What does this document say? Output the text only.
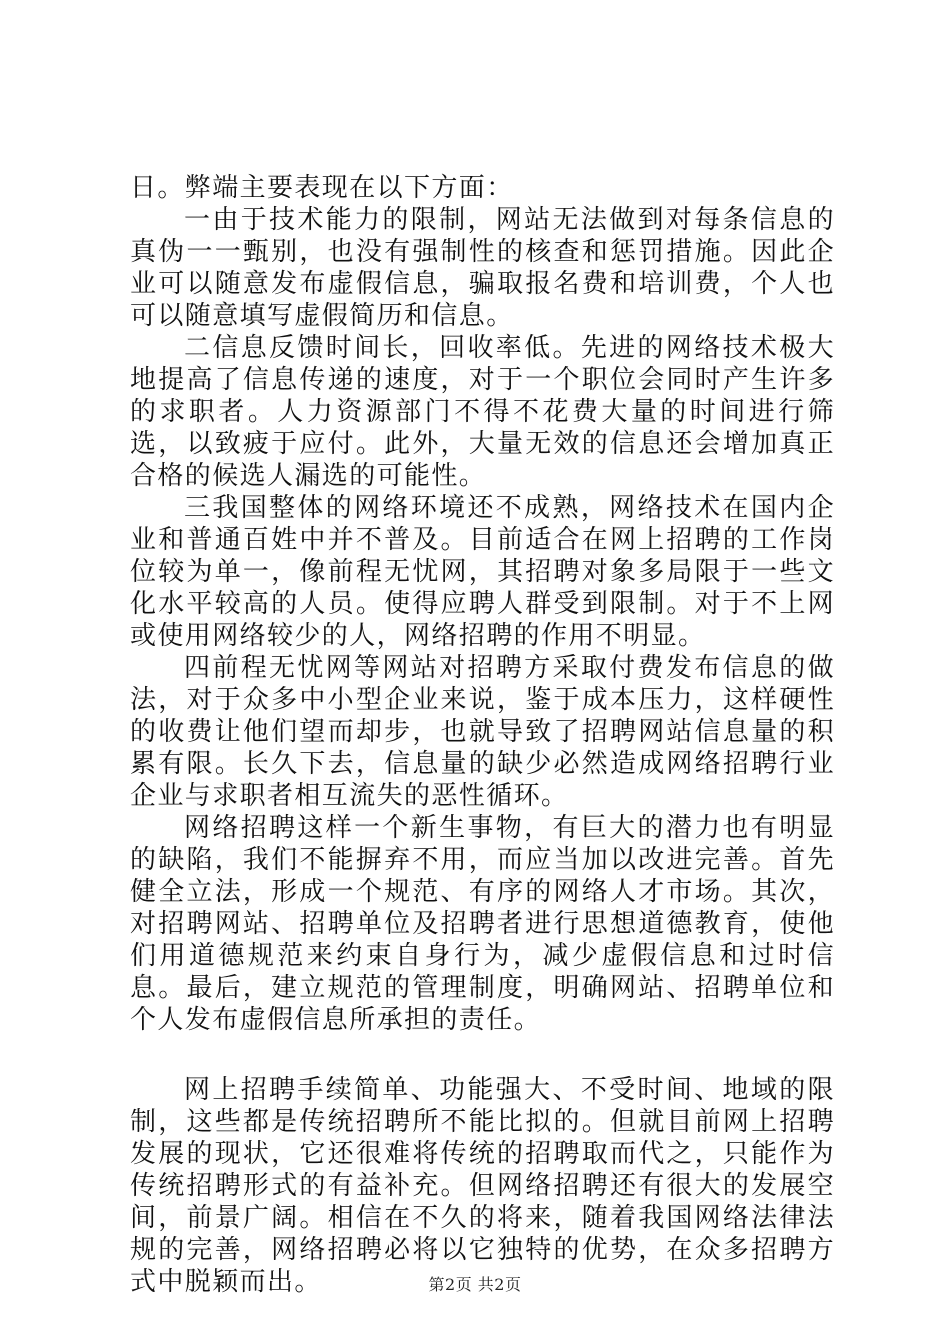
日。弊端主要表现在以下方面：

一由于技术能力的限制，网站无法做到对每条信息的真伪一一甄别，也没有强制性的核查和惩罚措施。因此企业可以随意发布虚假信息，骗取报名费和培训费，个人也可以随意填写虚假简历和信息。

二信息反馈时间长，回收率低。先进的网络技术极大地提高了信息传递的速度，对于一个职位会同时产生许多的求职者。人力资源部门不得不花费大量的时间进行筛选，以致疲于应付。此外，大量无效的信息还会增加真正合格的候选人漏选的可能性。

三我国整体的网络环境还不成熟，网络技术在国内企业和普通百姓中并不普及。目前适合在网上招聘的工作岗位较为单一，像前程无忧网，其招聘对象多局限于一些文化水平较高的人员。使得应聘人群受到限制。对于不上网或使用网络较少的人，网络招聘的作用不明显。

四前程无忧网等网站对招聘方采取付费发布信息的做法，对于众多中小型企业来说，鉴于成本压力，这样硬性的收费让他们望而却步，也就导致了招聘网站信息量的积累有限。长久下去，信息量的缺少必然造成网络招聘行业企业与求职者相互流失的恶性循环。

网络招聘这样一个新生事物，有巨大的潜力也有明显的缺陷，我们不能摒弃不用，而应当加以改进完善。首先健全立法，形成一个规范、有序的网络人才市场。其次，对招聘网站、招聘单位及招聘者进行思想道德教育，使他们用道德规范来约束自身行为，减少虚假信息和过时信息。最后，建立规范的管理制度，明确网站、招聘单位和个人发布虚假信息所承担的责任。

网上招聘手续简单、功能强大、不受时间、地域的限制，这些都是传统招聘所不能比拟的。但就目前网上招聘发展的现状，它还很难将传统的招聘取而代之，只能作为传统招聘形式的有益补充。但网络招聘还有很大的发展空间，前景广阔。相信在不久的将来，随着我国网络法律法规的完善，网络招聘必将以它独特的优势，在众多招聘方式中脱颖而出。	第2页 共2页
